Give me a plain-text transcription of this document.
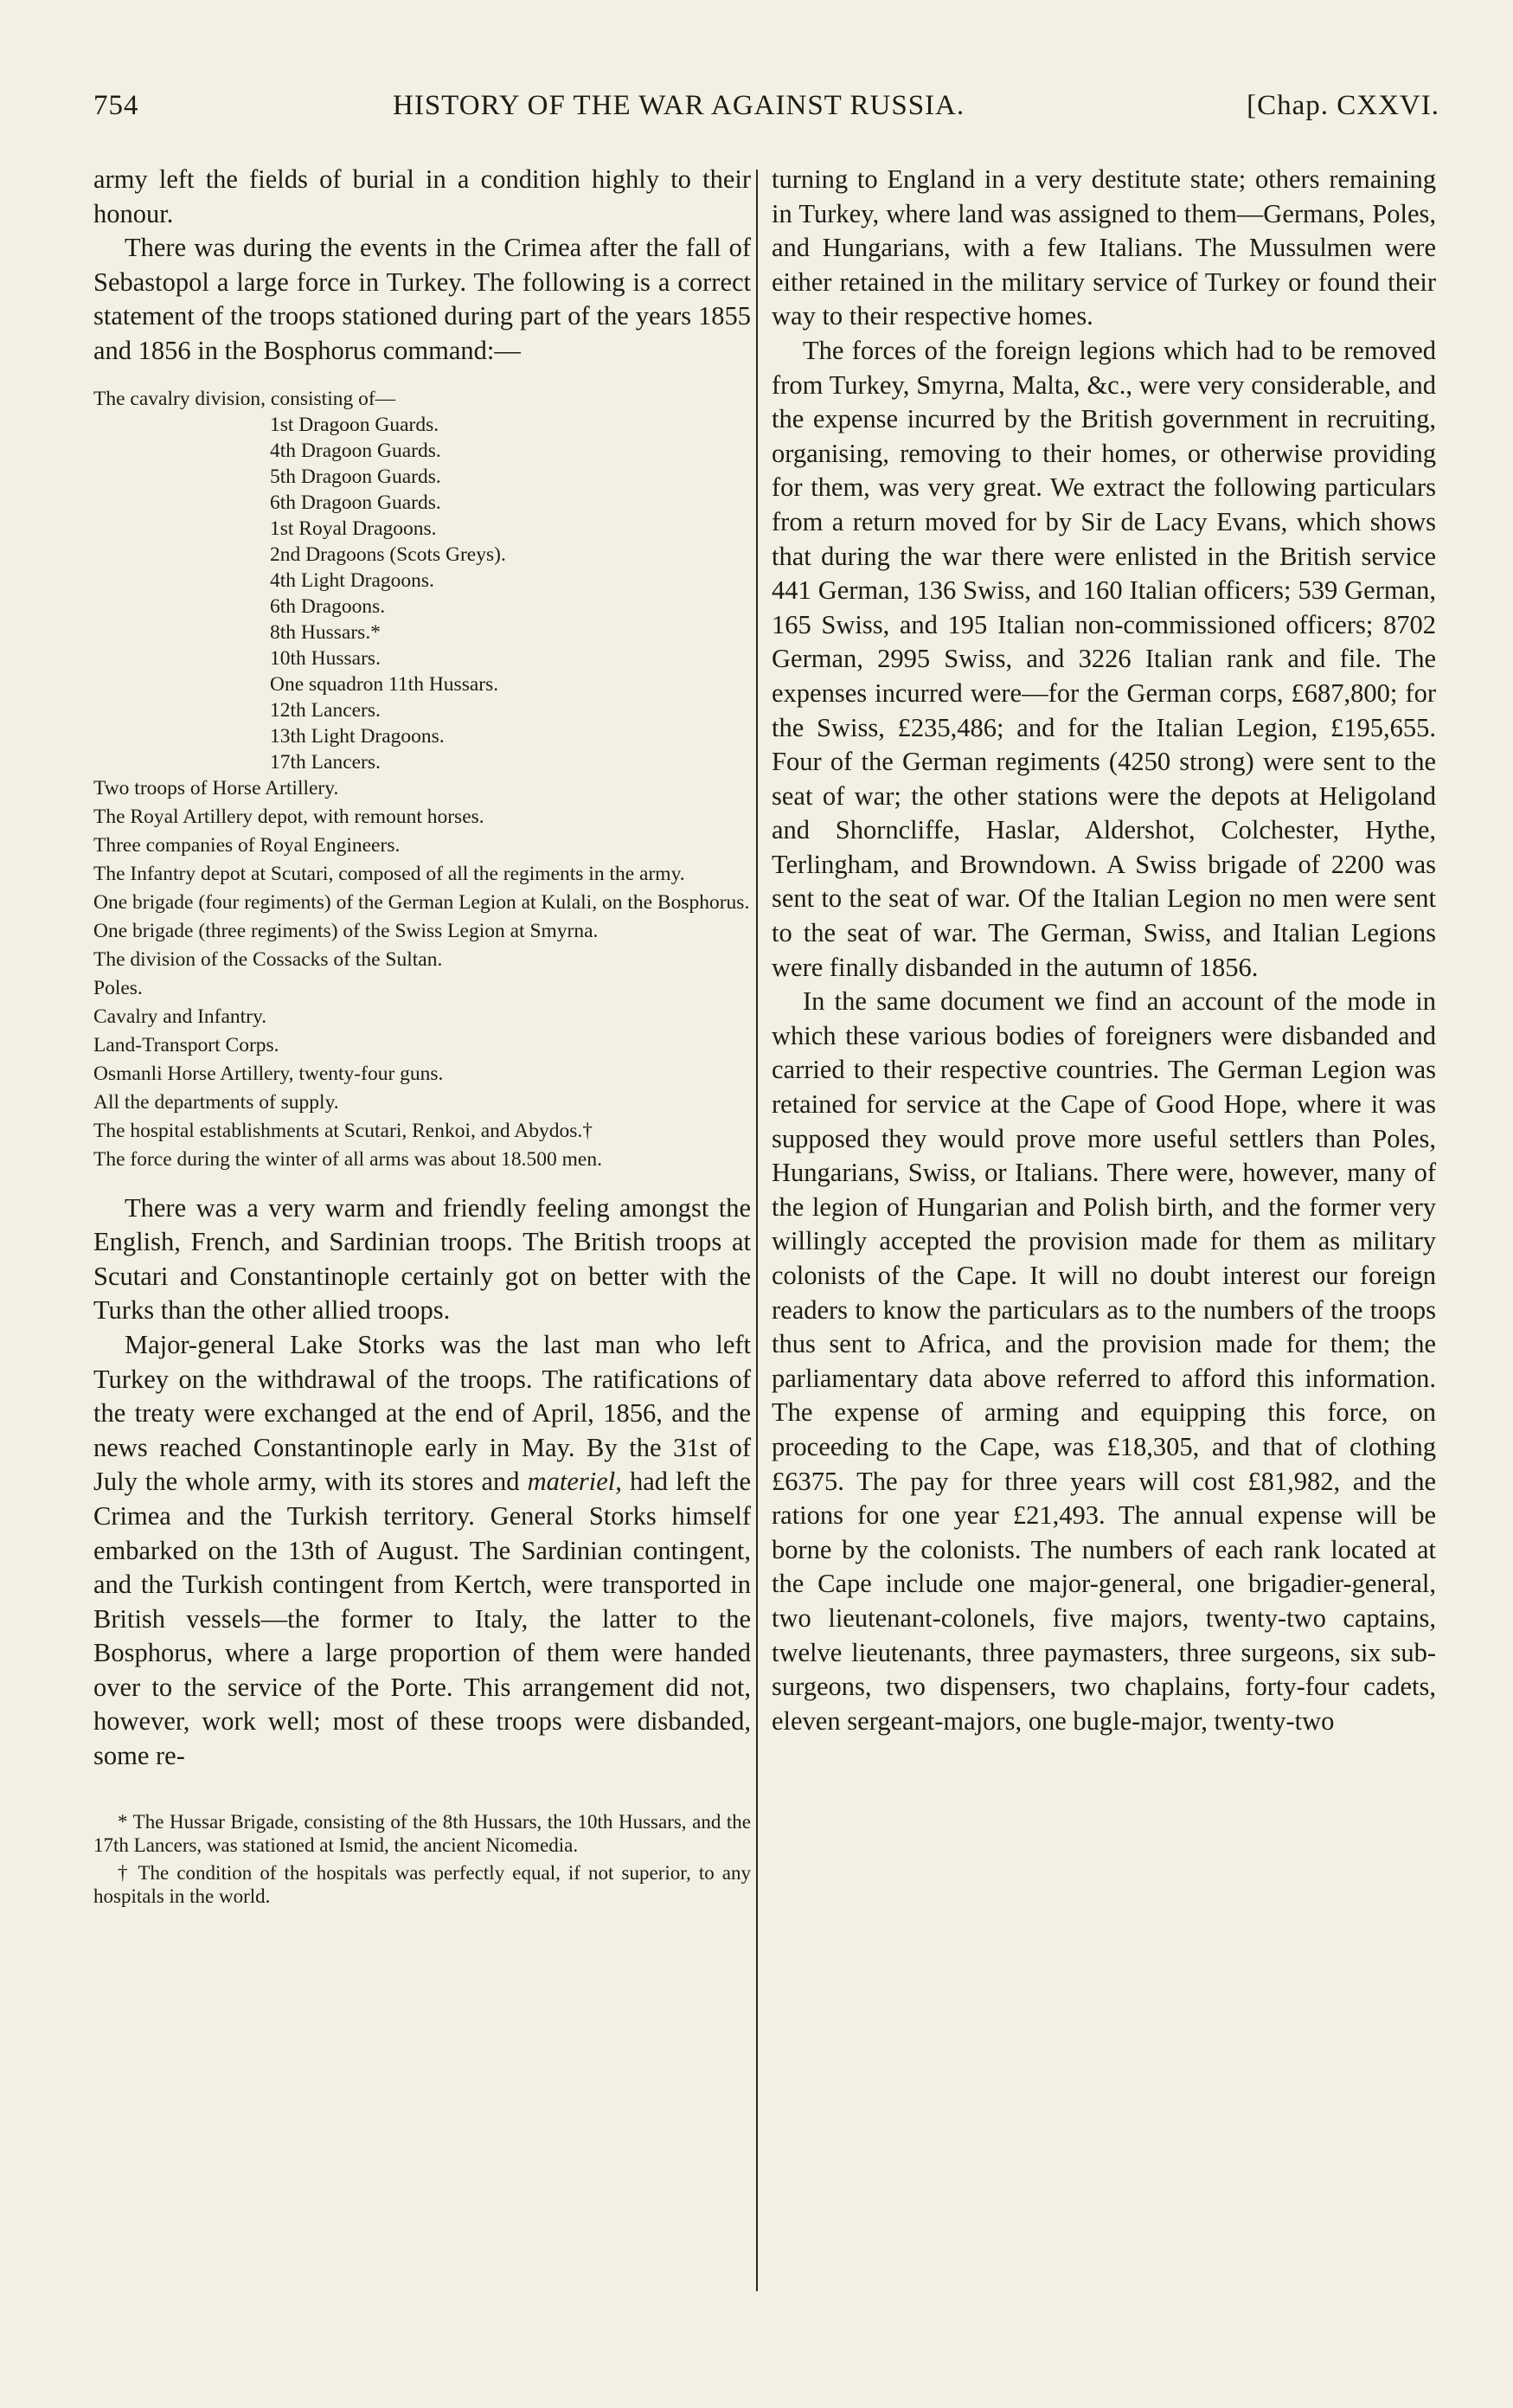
754	HISTORY OF THE WAR AGAINST RUSSIA.	[Chap. CXXVI.

army left the fields of burial in a condition highly to their honour.

There was during the events in the Crimea after the fall of Sebastopol a large force in Turkey. The following is a correct statement of the troops stationed during part of the years 1855 and 1856 in the Bosphorus command:—

The cavalry division, consisting of—
1st Dragoon Guards.
4th Dragoon Guards.
5th Dragoon Guards.
6th Dragoon Guards.
1st Royal Dragoons.
2nd Dragoons (Scots Greys).
4th Light Dragoons.
6th Dragoons.
8th Hussars.*
10th Hussars.
One squadron 11th Hussars.
12th Lancers.
13th Light Dragoons.
17th Lancers.
Two troops of Horse Artillery.
The Royal Artillery depot, with remount horses.
Three companies of Royal Engineers.
The Infantry depot at Scutari, composed of all the regiments in the army.
One brigade (four regiments) of the German Legion at Kulali, on the Bosphorus.
One brigade (three regiments) of the Swiss Legion at Smyrna.
The division of the Cossacks of the Sultan.
Poles.
Cavalry and Infantry.
Land-Transport Corps.
Osmanli Horse Artillery, twenty-four guns.
All the departments of supply.
The hospital establishments at Scutari, Renkoi, and Abydos.†
The force during the winter of all arms was about 18.500 men.

There was a very warm and friendly feeling amongst the English, French, and Sardinian troops. The British troops at Scutari and Constantinople certainly got on better with the Turks than the other allied troops.

Major-general Lake Storks was the last man who left Turkey on the withdrawal of the troops. The ratifications of the treaty were exchanged at the end of April, 1856, and the news reached Constantinople early in May. By the 31st of July the whole army, with its stores and materiel, had left the Crimea and the Turkish territory. General Storks himself embarked on the 13th of August. The Sardinian contingent, and the Turkish contingent from Kertch, were transported in British vessels—the former to Italy, the latter to the Bosphorus, where a large proportion of them were handed over to the service of the Porte. This arrangement did not, however, work well; most of these troops were disbanded, some re-

* The Hussar Brigade, consisting of the 8th Hussars, the 10th Hussars, and the 17th Lancers, was stationed at Ismid, the ancient Nicomedia.
† The condition of the hospitals was perfectly equal, if not superior, to any hospitals in the world.

turning to England in a very destitute state; others remaining in Turkey, where land was assigned to them—Germans, Poles, and Hungarians, with a few Italians. The Mussulmen were either retained in the military service of Turkey or found their way to their respective homes.

The forces of the foreign legions which had to be removed from Turkey, Smyrna, Malta, &c., were very considerable, and the expense incurred by the British government in recruiting, organising, removing to their homes, or otherwise providing for them, was very great. We extract the following particulars from a return moved for by Sir de Lacy Evans, which shows that during the war there were enlisted in the British service 441 German, 136 Swiss, and 160 Italian officers; 539 German, 165 Swiss, and 195 Italian non-commissioned officers; 8702 German, 2995 Swiss, and 3226 Italian rank and file. The expenses incurred were—for the German corps, £687,800; for the Swiss, £235,486; and for the Italian Legion, £195,655. Four of the German regiments (4250 strong) were sent to the seat of war; the other stations were the depots at Heligoland and Shorncliffe, Haslar, Aldershot, Colchester, Hythe, Terlingham, and Browndown. A Swiss brigade of 2200 was sent to the seat of war. Of the Italian Legion no men were sent to the seat of war. The German, Swiss, and Italian Legions were finally disbanded in the autumn of 1856.

In the same document we find an account of the mode in which these various bodies of foreigners were disbanded and carried to their respective countries. The German Legion was retained for service at the Cape of Good Hope, where it was supposed they would prove more useful settlers than Poles, Hungarians, Swiss, or Italians. There were, however, many of the legion of Hungarian and Polish birth, and the former very willingly accepted the provision made for them as military colonists of the Cape. It will no doubt interest our foreign readers to know the particulars as to the numbers of the troops thus sent to Africa, and the provision made for them; the parliamentary data above referred to afford this information. The expense of arming and equipping this force, on proceeding to the Cape, was £18,305, and that of clothing £6375. The pay for three years will cost £81,982, and the rations for one year £21,493. The annual expense will be borne by the colonists. The numbers of each rank located at the Cape include one major-general, one brigadier-general, two lieutenant-colonels, five majors, twenty-two captains, twelve lieutenants, three paymasters, three surgeons, six sub-surgeons, two dispensers, two chaplains, forty-four cadets, eleven sergeant-majors, one bugle-major, twenty-two
